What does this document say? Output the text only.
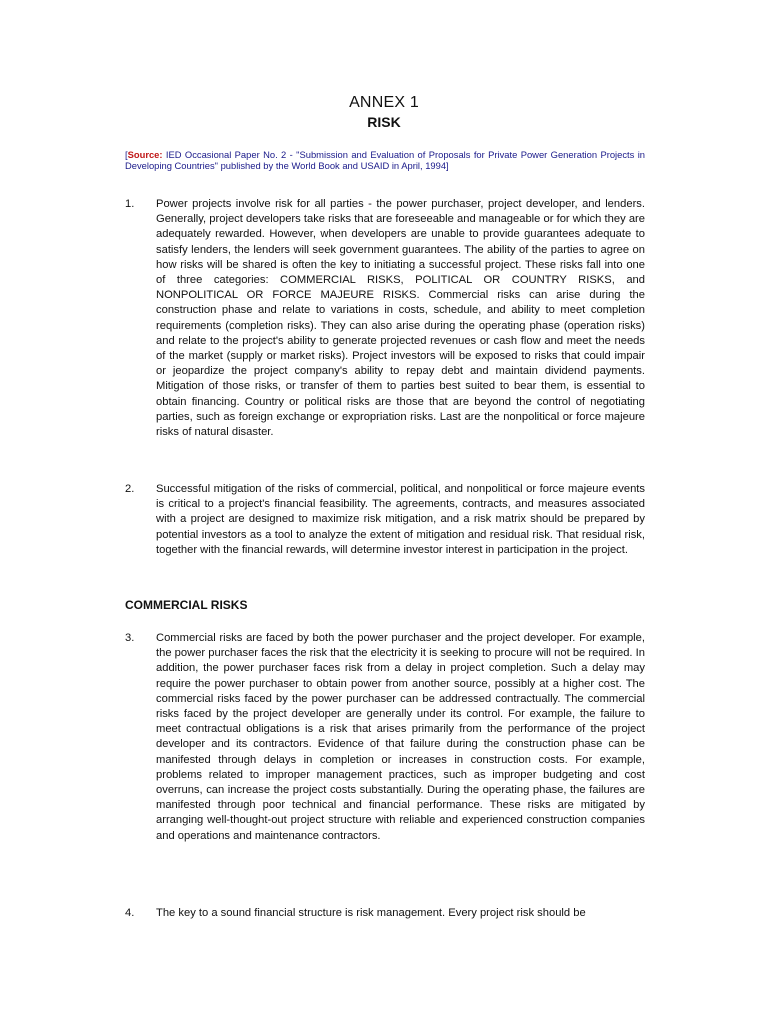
ANNEX 1
RISK
[Source: IED Occasional Paper No. 2 - "Submission and Evaluation of Proposals for Private Power Generation Projects in Developing Countries" published by the World Book and USAID in April, 1994]
1.	Power projects involve risk for all parties - the power purchaser, project developer, and lenders. Generally, project developers take risks that are foreseeable and manageable or for which they are adequately rewarded. However, when developers are unable to provide guarantees adequate to satisfy lenders, the lenders will seek government guarantees. The ability of the parties to agree on how risks will be shared is often the key to initiating a successful project. These risks fall into one of three categories: COMMERCIAL RISKS, POLITICAL OR COUNTRY RISKS, and NONPOLITICAL OR FORCE MAJEURE RISKS. Commercial risks can arise during the construction phase and relate to variations in costs, schedule, and ability to meet completion requirements (completion risks). They can also arise during the operating phase (operation risks) and relate to the project's ability to generate projected revenues or cash flow and meet the needs of the market (supply or market risks). Project investors will be exposed to risks that could impair or jeopardize the project company's ability to repay debt and maintain dividend payments. Mitigation of those risks, or transfer of them to parties best suited to bear them, is essential to obtain financing. Country or political risks are those that are beyond the control of negotiating parties, such as foreign exchange or expropriation risks. Last are the nonpolitical or force majeure risks of natural disaster.
2.	Successful mitigation of the risks of commercial, political, and nonpolitical or force majeure events is critical to a project's financial feasibility. The agreements, contracts, and measures associated with a project are designed to maximize risk mitigation, and a risk matrix should be prepared by potential investors as a tool to analyze the extent of mitigation and residual risk. That residual risk, together with the financial rewards, will determine investor interest in participation in the project.
COMMERCIAL RISKS
3.	Commercial risks are faced by both the power purchaser and the project developer. For example, the power purchaser faces the risk that the electricity it is seeking to procure will not be required. In addition, the power purchaser faces risk from a delay in project completion. Such a delay may require the power purchaser to obtain power from another source, possibly at a higher cost. The commercial risks faced by the power purchaser can be addressed contractually. The commercial risks faced by the project developer are generally under its control. For example, the failure to meet contractual obligations is a risk that arises primarily from the performance of the project developer and its contractors. Evidence of that failure during the construction phase can be manifested through delays in completion or increases in construction costs. For example, problems related to improper management practices, such as improper budgeting and cost overruns, can increase the project costs substantially. During the operating phase, the failures are manifested through poor technical and financial performance. These risks are mitigated by arranging well-thought-out project structure with reliable and experienced construction companies and operations and maintenance contractors.
4.	The key to a sound financial structure is risk management. Every project risk should be
